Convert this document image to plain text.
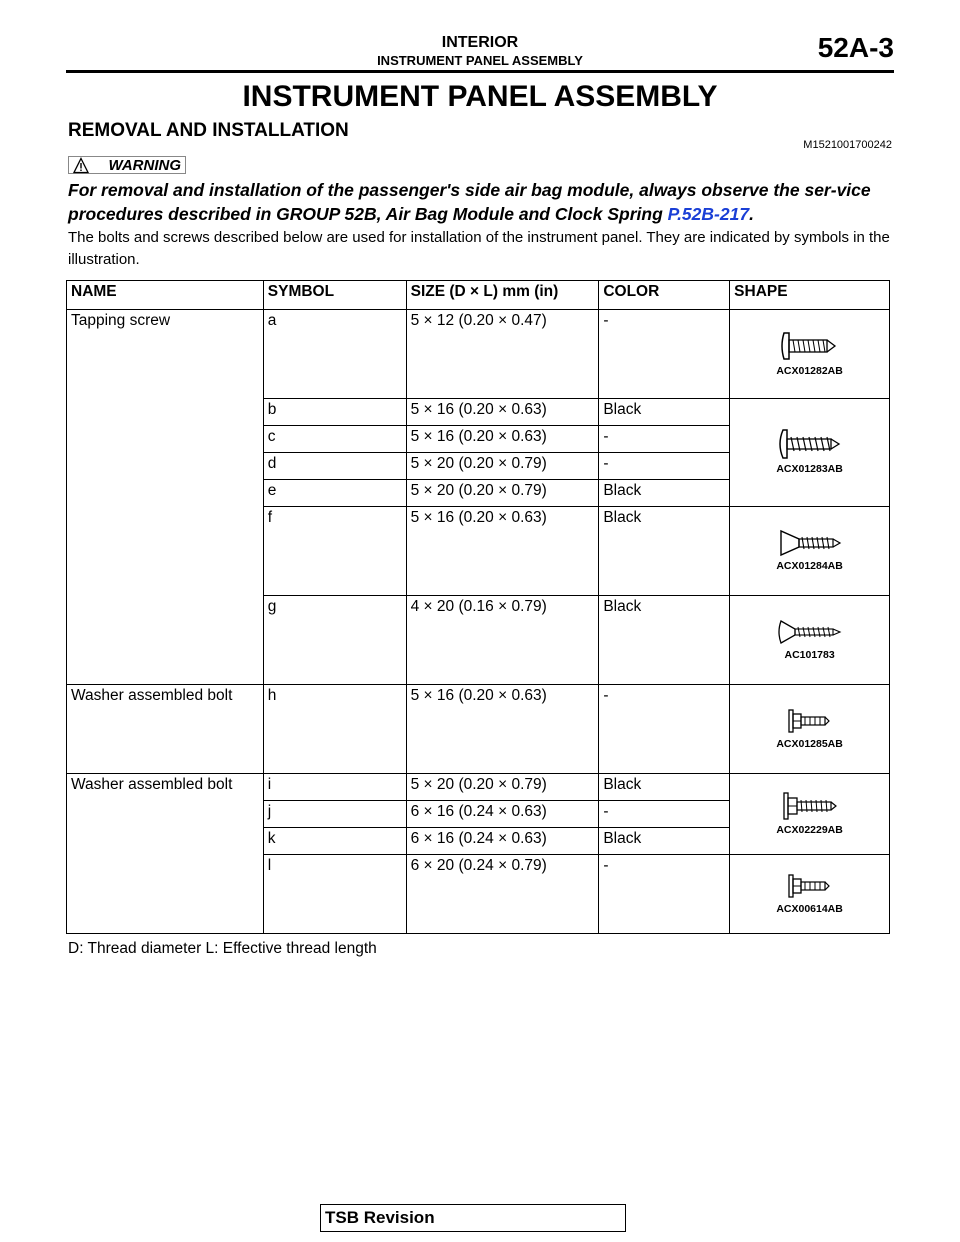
INTERIOR
INSTRUMENT PANEL ASSEMBLY	52A-3
INSTRUMENT PANEL ASSEMBLY
REMOVAL AND INSTALLATION
M1521001700242
WARNING
For removal and installation of the passenger's side air bag module, always observe the ser-vice procedures described in GROUP 52B, Air Bag Module and Clock Spring P.52B-217.
The bolts and screws described below are used for installation of the instrument panel. They are indicated by symbols in the illustration.
NAME	SYMBOL	SIZE (D × L) mm (in)	COLOR	SHAPE
Tapping screw	a	5 × 12 (0.20 × 0.47)	-	ACX01282AB

	b	5 × 16 (0.20 × 0.63)	Black	ACX01283AB

	c	5 × 16 (0.20 × 0.63)	-	
	d	5 × 20 (0.20 × 0.79)	-	
	e	5 × 20 (0.20 × 0.79)	Black	
	f	5 × 16 (0.20 × 0.63)	Black	ACX01284AB

	g	4 × 20 (0.16 × 0.79)	Black	AC101783

Washer assembled bolt	h	5 × 16 (0.20 × 0.63)	-	ACX01285AB

Washer assembled bolt	i	5 × 20 (0.20 × 0.79)	Black	ACX02229AB

	j	6 × 16 (0.24 × 0.63)	-	
	k	6 × 16 (0.24 × 0.63)	Black	
	l	6 × 20 (0.24 × 0.79)	-	ACX00614AB
D: Thread diameter L: Effective thread length
TSB Revision
